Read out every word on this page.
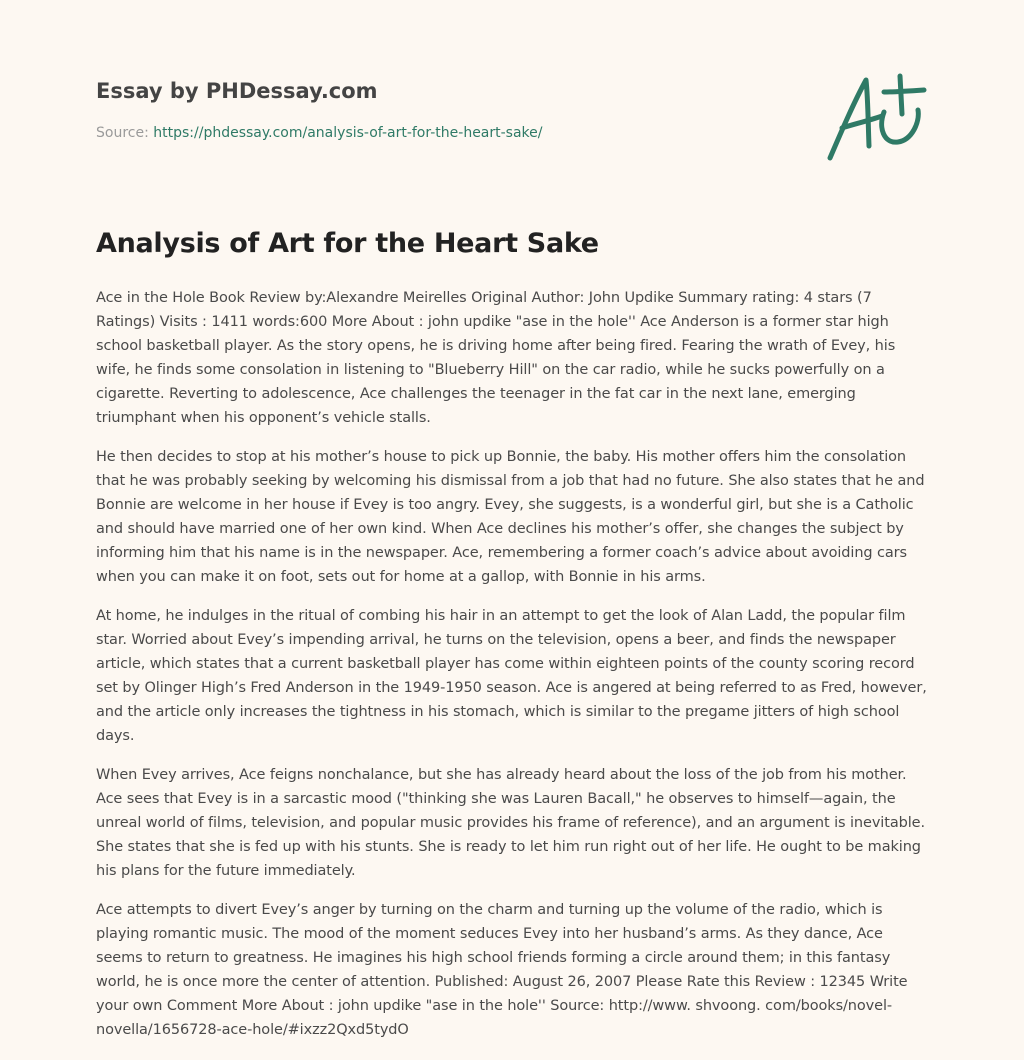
Essay by PHDessay.com
Source: https://phdessay.com/analysis-of-art-for-the-heart-sake/
Analysis of Art for the Heart Sake

Ace in the Hole Book Review by:Alexandre Meirelles Original Author: John Updike Summary rating: 4 stars (7 Ratings) Visits : 1411 words:600 More About : john updike "ase in the hole'' Ace Anderson is a former star high school basketball player. As the story opens, he is driving home after being fired. Fearing the wrath of Evey, his wife, he finds some consolation in listening to "Blueberry Hill" on the car radio, while he sucks powerfully on a cigarette. Reverting to adolescence, Ace challenges the teenager in the fat car in the next lane, emerging triumphant when his opponent’s vehicle stalls.

He then decides to stop at his mother’s house to pick up Bonnie, the baby. His mother offers him the consolation that he was probably seeking by welcoming his dismissal from a job that had no future. She also states that he and Bonnie are welcome in her house if Evey is too angry. Evey, she suggests, is a wonderful girl, but she is a Catholic and should have married one of her own kind. When Ace declines his mother’s offer, she changes the subject by informing him that his name is in the newspaper. Ace, remembering a former coach’s advice about avoiding cars when you can make it on foot, sets out for home at a gallop, with Bonnie in his arms.

At home, he indulges in the ritual of combing his hair in an attempt to get the look of Alan Ladd, the popular film star. Worried about Evey’s impending arrival, he turns on the television, opens a beer, and finds the newspaper article, which states that a current basketball player has come within eighteen points of the county scoring record set by Olinger High’s Fred Anderson in the 1949-1950 season. Ace is angered at being referred to as Fred, however, and the article only increases the tightness in his stomach, which is similar to the pregame jitters of high school days.

When Evey arrives, Ace feigns nonchalance, but she has already heard about the loss of the job from his mother. Ace sees that Evey is in a sarcastic mood ("thinking she was Lauren Bacall," he observes to himself—again, the unreal world of films, television, and popular music provides his frame of reference), and an argument is inevitable. She states that she is fed up with his stunts. She is ready to let him run right out of her life. He ought to be making his plans for the future immediately.

Ace attempts to divert Evey’s anger by turning on the charm and turning up the volume of the radio, which is playing romantic music. The mood of the moment seduces Evey into her husband’s arms. As they dance, Ace seems to return to greatness. He imagines his high school friends forming a circle around them; in this fantasy world, he is once more the center of attention. Published: August 26, 2007 Please Rate this Review : 12345 Write your own Comment More About : john updike "ase in the hole'' Source: http://www. shvoong. com/books/novel-novella/1656728-ace-hole/#ixzz2Qxd5tydO
